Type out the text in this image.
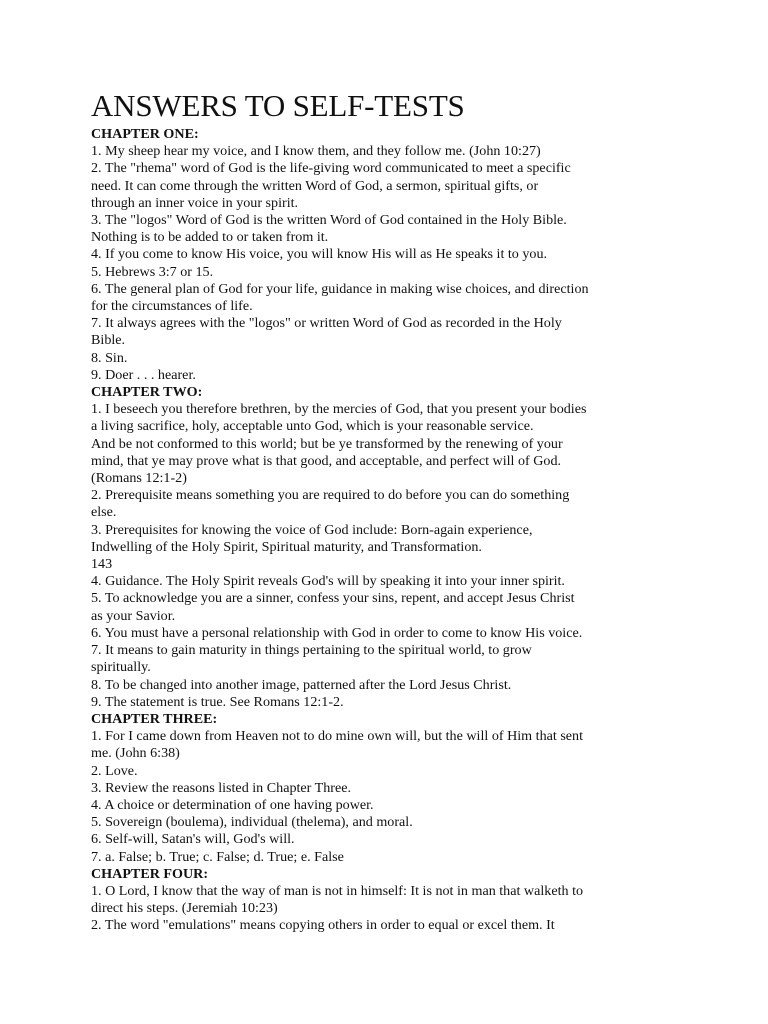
ANSWERS TO SELF-TESTS
CHAPTER ONE:
1. My sheep hear my voice, and I know them, and they follow me. (John 10:27)
2. The "rhema" word of God is the life-giving word communicated to meet a specific
need. It can come through the written Word of God, a sermon, spiritual gifts, or
through an inner voice in your spirit.
3. The "logos" Word of God is the written Word of God contained in the Holy Bible.
Nothing is to be added to or taken from it.
4. If you come to know His voice, you will know His will as He speaks it to you.
5. Hebrews 3:7 or 15.
6. The general plan of God for your life, guidance in making wise choices, and direction
for the circumstances of life.
7. It always agrees with the "logos" or written Word of God as recorded in the Holy
Bible.
8. Sin.
9. Doer . . . hearer.
CHAPTER TWO:
1. I beseech you therefore brethren, by the mercies of God, that you present your bodies
a living sacrifice, holy, acceptable unto God, which is your reasonable service.
And be not conformed to this world; but be ye transformed by the renewing of your
mind, that ye may prove what is that good, and acceptable, and perfect will of God.
(Romans 12:1-2)
2. Prerequisite means something you are required to do before you can do something
else.
3. Prerequisites for knowing the voice of God include: Born-again experience,
Indwelling of the Holy Spirit, Spiritual maturity, and Transformation.
143
4. Guidance. The Holy Spirit reveals God's will by speaking it into your inner spirit.
5. To acknowledge you are a sinner, confess your sins, repent, and accept Jesus Christ
as your Savior.
6. You must have a personal relationship with God in order to come to know His voice.
7. It means to gain maturity in things pertaining to the spiritual world, to grow
spiritually.
8. To be changed into another image, patterned after the Lord Jesus Christ.
9. The statement is true. See Romans 12:1-2.
CHAPTER THREE:
1. For I came down from Heaven not to do mine own will, but the will of Him that sent
me. (John 6:38)
2. Love.
3. Review the reasons listed in Chapter Three.
4. A choice or determination of one having power.
5. Sovereign (boulema), individual (thelema), and moral.
6. Self-will, Satan's will, God's will.
7. a. False; b. True; c. False; d. True; e. False
CHAPTER FOUR:
1. O Lord, I know that the way of man is not in himself: It is not in man that walketh to
direct his steps. (Jeremiah 10:23)
2. The word "emulations" means copying others in order to equal or excel them. It
